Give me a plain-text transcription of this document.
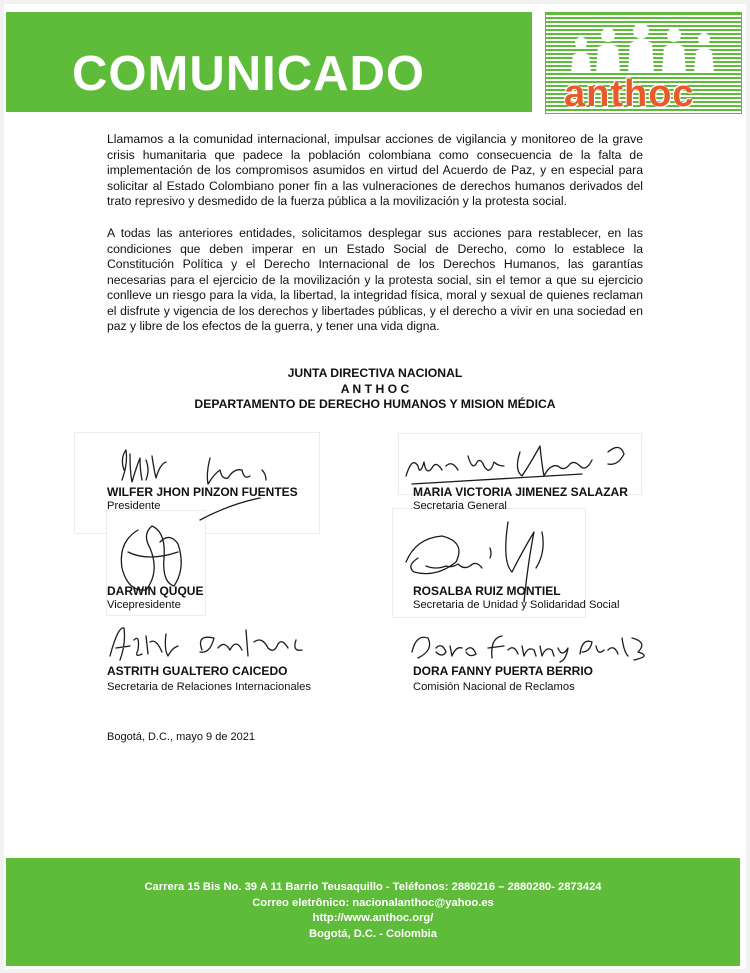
COMUNICADO	anthoc
Llamamos a la comunidad internacional, impulsar acciones de vigilancia y monitoreo de la grave crisis humanitaria que padece la población colombiana como consecuencia de la falta de implementación de los compromisos asumidos en virtud del Acuerdo de Paz, y en especial para solicitar al Estado Colombiano poner fin a las vulneraciones de derechos humanos derivados del trato represivo y desmedido de la fuerza pública a la movilización y la protesta social.
A todas las anteriores entidades, solicitamos desplegar sus acciones para restablecer, en las condiciones que deben imperar en un Estado Social de Derecho, como lo establece la Constitución Política y el Derecho Internacional de los Derechos Humanos, las garantías necesarias para el ejercicio de la movilización y la protesta social, sin el temor a que su ejercicio conlleve un riesgo para la vida, la libertad, la integridad física, moral y sexual de quienes reclaman el disfrute y vigencia de los derechos y libertades públicas, y el derecho a vivir en una sociedad en paz y libre de los efectos de la guerra, y tener una vida digna.
JUNTA DIRECTIVA NACIONAL
A N T H O C
DEPARTAMENTO DE DERECHO HUMANOS Y MISION MÉDICA
WILFER JHON PINZON FUENTES
Presidente
MARIA VICTORIA JIMENEZ SALAZAR
Secretaria General
DARWIN QUQUE
Vicepresidente
ROSALBA RUIZ MONTIEL
Secretaria de Unidad y Solidaridad Social
ASTRITH GUALTERO CAICEDO
Secretaria de Relaciones Internacionales
DORA FANNY PUERTA BERRIO
Comisión Nacional de Reclamos
Bogotá, D.C., mayo 9 de 2021
Carrera 15 Bis No. 39 A 11 Barrio Teusaquillo - Teléfonos: 2880216 – 2880280- 2873424
Correo eletrônico: nacionalanthoc@yahoo.es
http://www.anthoc.org/
Bogotá, D.C. - Colombia
